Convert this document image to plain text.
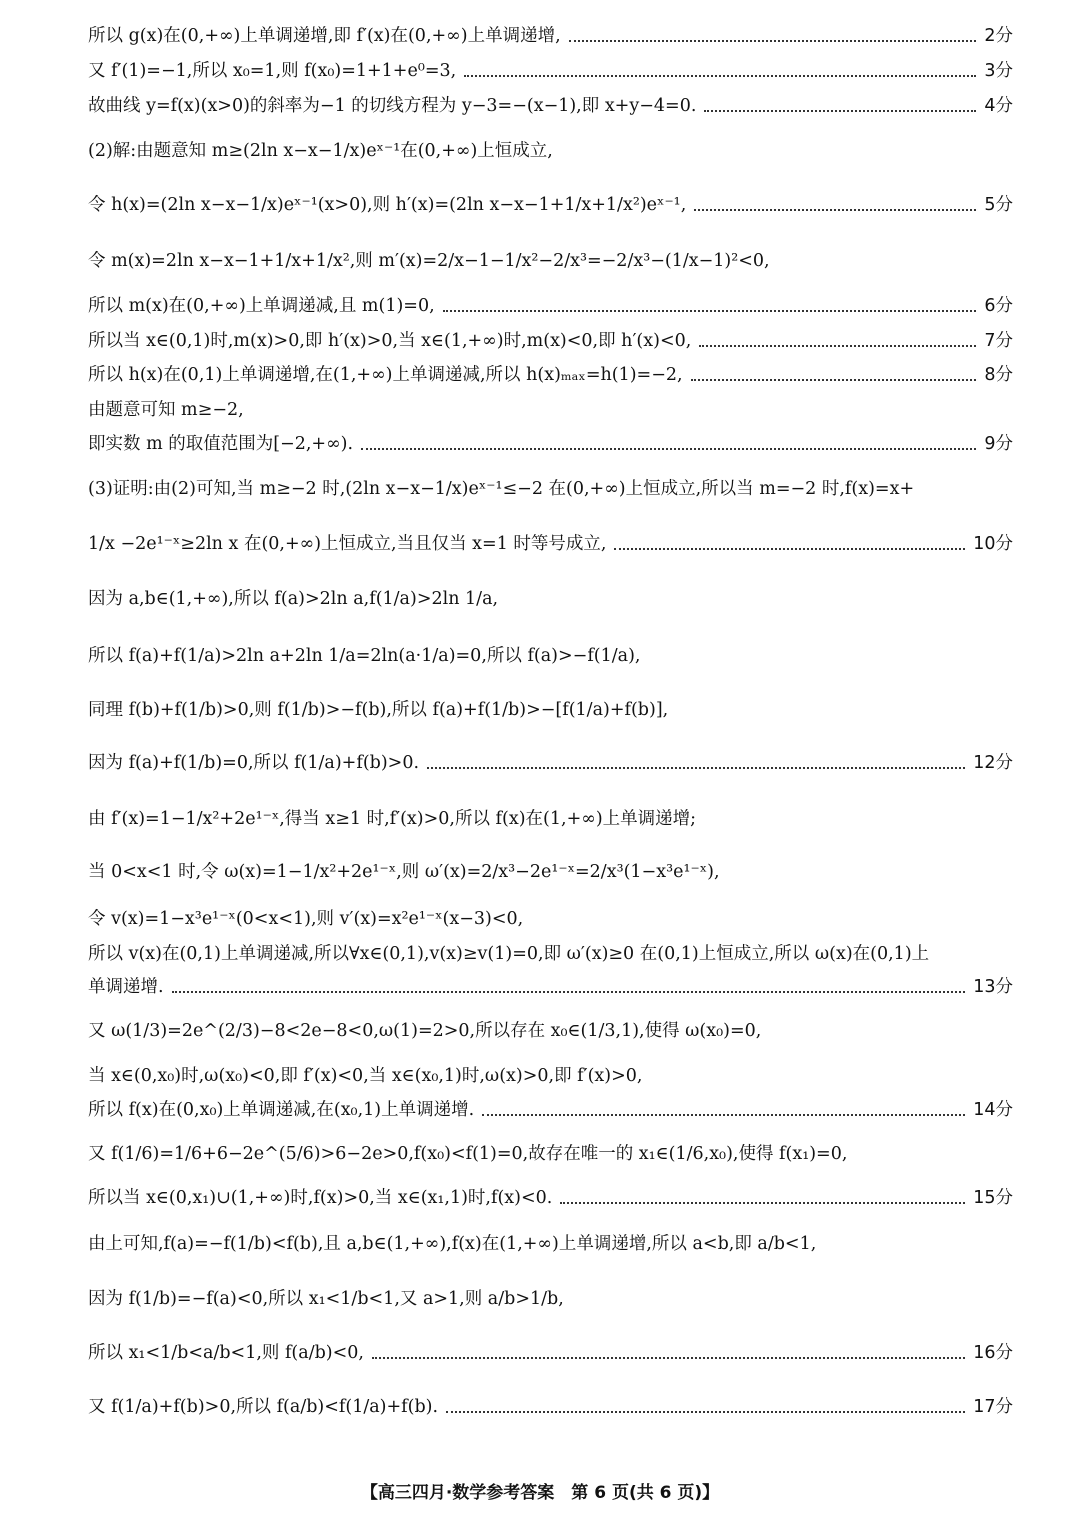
所以 g(x)在(0,+∞)上单调递增,即 f′(x)在(0,+∞)上单调递增,	2分
又 f′(1)=−1,所以 x₀=1,则 f(x₀)=1+1+e⁰=3,	3分
故曲线 y=f(x)(x>0)的斜率为−1 的切线方程为 y−3=−(x−1),即 x+y−4=0.	4分
(2)解:由题意知 m≥(2ln x−x−1/x)eˣ⁻¹在(0,+∞)上恒成立,
令 h(x)=(2ln x−x−1/x)eˣ⁻¹(x>0),则 h′(x)=(2ln x−x−1+1/x+1/x²)eˣ⁻¹,	5分
令 m(x)=2ln x−x−1+1/x+1/x²,则 m′(x)=2/x−1−1/x²−2/x³=−2/x³−(1/x−1)²<0,
所以 m(x)在(0,+∞)上单调递减,且 m(1)=0,	6分
所以当 x∈(0,1)时,m(x)>0,即 h′(x)>0,当 x∈(1,+∞)时,m(x)<0,即 h′(x)<0,	7分
所以 h(x)在(0,1)上单调递增,在(1,+∞)上单调递减,所以 h(x)ₘₐₓ=h(1)=−2,	8分
由题意可知 m≥−2,
即实数 m 的取值范围为[−2,+∞).	9分
(3)证明:由(2)可知,当 m≥−2 时,(2ln x−x−1/x)eˣ⁻¹≤−2 在(0,+∞)上恒成立,所以当 m=−2 时,f(x)=x+
1/x −2e¹⁻ˣ≥2ln x 在(0,+∞)上恒成立,当且仅当 x=1 时等号成立,	10分
因为 a,b∈(1,+∞),所以 f(a)>2ln a,f(1/a)>2ln 1/a,
所以 f(a)+f(1/a)>2ln a+2ln 1/a=2ln(a·1/a)=0,所以 f(a)>−f(1/a),
同理 f(b)+f(1/b)>0,则 f(1/b)>−f(b),所以 f(a)+f(1/b)>−[f(1/a)+f(b)],
因为 f(a)+f(1/b)=0,所以 f(1/a)+f(b)>0.	12分
由 f′(x)=1−1/x²+2e¹⁻ˣ,得当 x≥1 时,f′(x)>0,所以 f(x)在(1,+∞)上单调递增;
当 0<x<1 时,令 ω(x)=1−1/x²+2e¹⁻ˣ,则 ω′(x)=2/x³−2e¹⁻ˣ=2/x³(1−x³e¹⁻ˣ),
令 v(x)=1−x³e¹⁻ˣ(0<x<1),则 v′(x)=x²e¹⁻ˣ(x−3)<0,
所以 v(x)在(0,1)上单调递减,所以∀x∈(0,1),v(x)≥v(1)=0,即 ω′(x)≥0 在(0,1)上恒成立,所以 ω(x)在(0,1)上
单调递增.	13分
又 ω(1/3)=2e^(2/3)−8<2e−8<0,ω(1)=2>0,所以存在 x₀∈(1/3,1),使得 ω(x₀)=0,
当 x∈(0,x₀)时,ω(x₀)<0,即 f′(x)<0,当 x∈(x₀,1)时,ω(x)>0,即 f′(x)>0,
所以 f(x)在(0,x₀)上单调递减,在(x₀,1)上单调递增.	14分
又 f(1/6)=1/6+6−2e^(5/6)>6−2e>0,f(x₀)<f(1)=0,故存在唯一的 x₁∈(1/6,x₀),使得 f(x₁)=0,
所以当 x∈(0,x₁)∪(1,+∞)时,f(x)>0,当 x∈(x₁,1)时,f(x)<0.	15分
由上可知,f(a)=−f(1/b)<f(b),且 a,b∈(1,+∞),f(x)在(1,+∞)上单调递增,所以 a<b,即 a/b<1,
因为 f(1/b)=−f(a)<0,所以 x₁<1/b<1,又 a>1,则 a/b>1/b,
所以 x₁<1/b<a/b<1,则 f(a/b)<0,	16分
又 f(1/a)+f(b)>0,所以 f(a/b)<f(1/a)+f(b).	17分
【高三四月·数学参考答案　第 6 页(共 6 页)】
